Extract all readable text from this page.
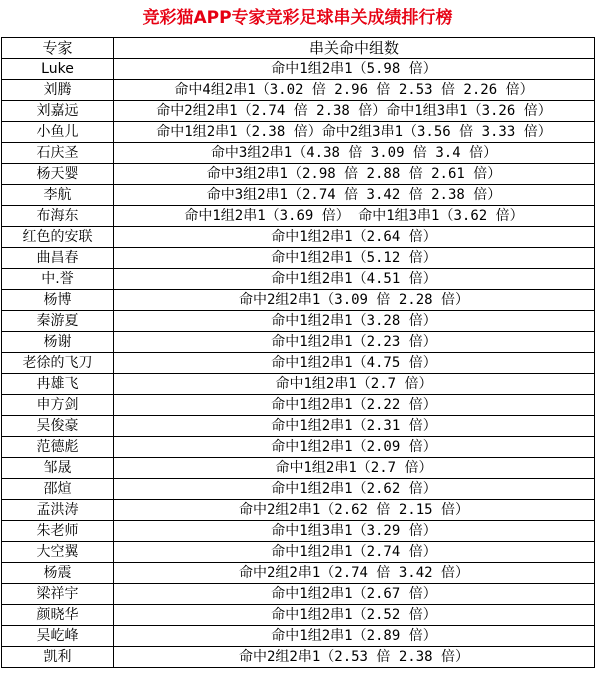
竞彩猫APP专家竞彩足球串关成绩排行榜
专家	串关命中组数
Luke	命中1组2串1（5.98 倍）
刘腾	命中4组2串1（3.02 倍 2.96 倍 2.53 倍 2.26 倍）
刘嘉远	命中2组2串1（2.74 倍 2.38 倍）命中1组3串1（3.26 倍）
小鱼儿	命中1组2串1（2.38 倍）命中2组3串1（3.56 倍 3.33 倍）
石庆圣	命中3组2串1（4.38 倍 3.09 倍 3.4 倍）
杨天婴	命中3组2串1（2.98 倍 2.88 倍 2.61 倍）
李航	命中3组2串1（2.74 倍 3.42 倍 2.38 倍）
布海东	命中1组2串1（3.69 倍） 命中1组3串1（3.62 倍）
红色的安联	命中1组2串1（2.64 倍）
曲昌春	命中1组2串1（5.12 倍）
中.誉	命中1组2串1（4.51 倍）
杨博	命中2组2串1（3.09 倍 2.28 倍）
秦游夏	命中1组2串1（3.28 倍）
杨谢	命中1组2串1（2.23 倍）
老徐的飞刀	命中1组2串1（4.75 倍）
冉雄飞	命中1组2串1（2.7 倍）
申方剑	命中1组2串1（2.22 倍）
吴俊豪	命中1组2串1（2.31 倍）
范德彪	命中1组2串1（2.09 倍）
邹晟	命中1组2串1（2.7 倍）
邵煊	命中1组2串1（2.62 倍）
孟洪涛	命中2组2串1（2.62 倍 2.15 倍）
朱老师	命中1组3串1（3.29 倍）
大空翼	命中1组2串1（2.74 倍）
杨震	命中2组2串1（2.74 倍 3.42 倍）
梁祥宇	命中1组2串1（2.67 倍）
颜晓华	命中1组2串1（2.52 倍）
吴屹峰	命中1组2串1（2.89 倍）
凯利	命中2组2串1（2.53 倍 2.38 倍）
